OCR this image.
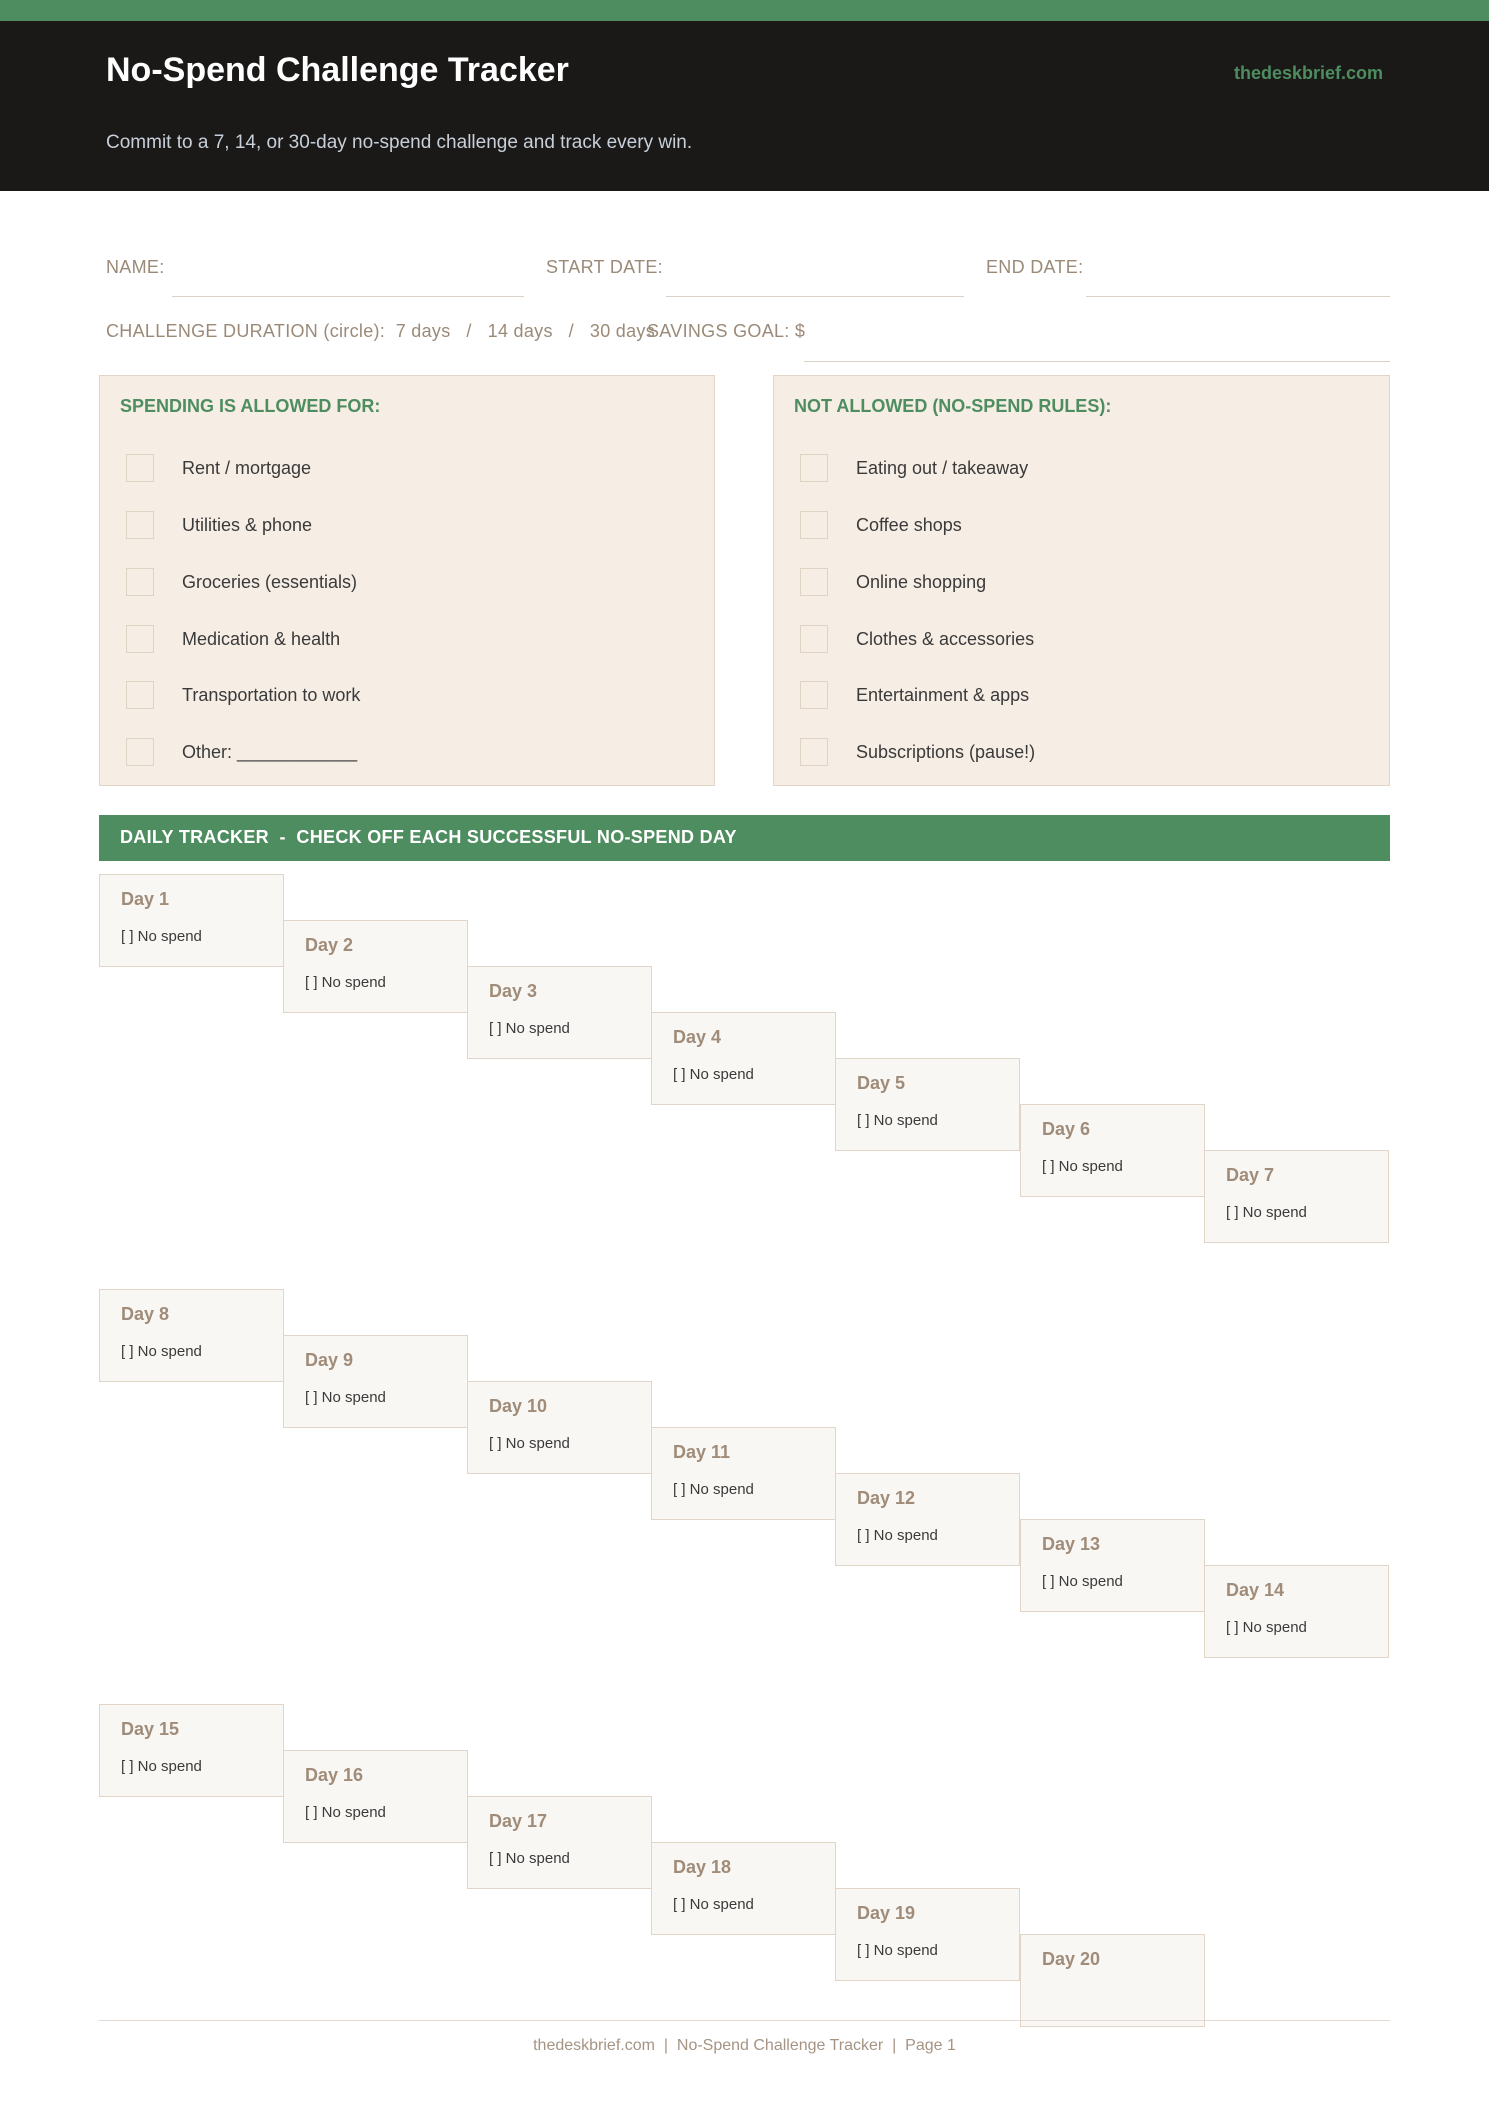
No-Spend Challenge Tracker	thedeskbrief.com
Commit to a 7, 14, or 30-day no-spend challenge and track every win.
NAME:	START DATE:	END DATE:
CHALLENGE DURATION (circle):  7 days   /   14 days   /   30 days
SAVINGS GOAL: $
SPENDING IS ALLOWED FOR:
Rent / mortgage
Utilities & phone
Groceries (essentials)
Medication & health
Transportation to work
Other: ____________
NOT ALLOWED (NO-SPEND RULES):
Eating out / takeaway
Coffee shops
Online shopping
Clothes & accessories
Entertainment & apps
Subscriptions (pause!)
DAILY TRACKER  -  CHECK OFF EACH SUCCESSFUL NO-SPEND DAY
Day 1
[ ] No spend	Day 2
[ ] No spend	Day 3
[ ] No spend	Day 4
[ ] No spend	Day 5
[ ] No spend	Day 6
[ ] No spend	Day 7
[ ] No spend
Day 8
[ ] No spend	Day 9
[ ] No spend	Day 10
[ ] No spend	Day 11
[ ] No spend	Day 12
[ ] No spend	Day 13
[ ] No spend	Day 14
[ ] No spend
Day 15
[ ] No spend	Day 16
[ ] No spend	Day 17
[ ] No spend	Day 18
[ ] No spend	Day 19
[ ] No spend	Day 20
thedeskbrief.com  |  No-Spend Challenge Tracker  |  Page 1
